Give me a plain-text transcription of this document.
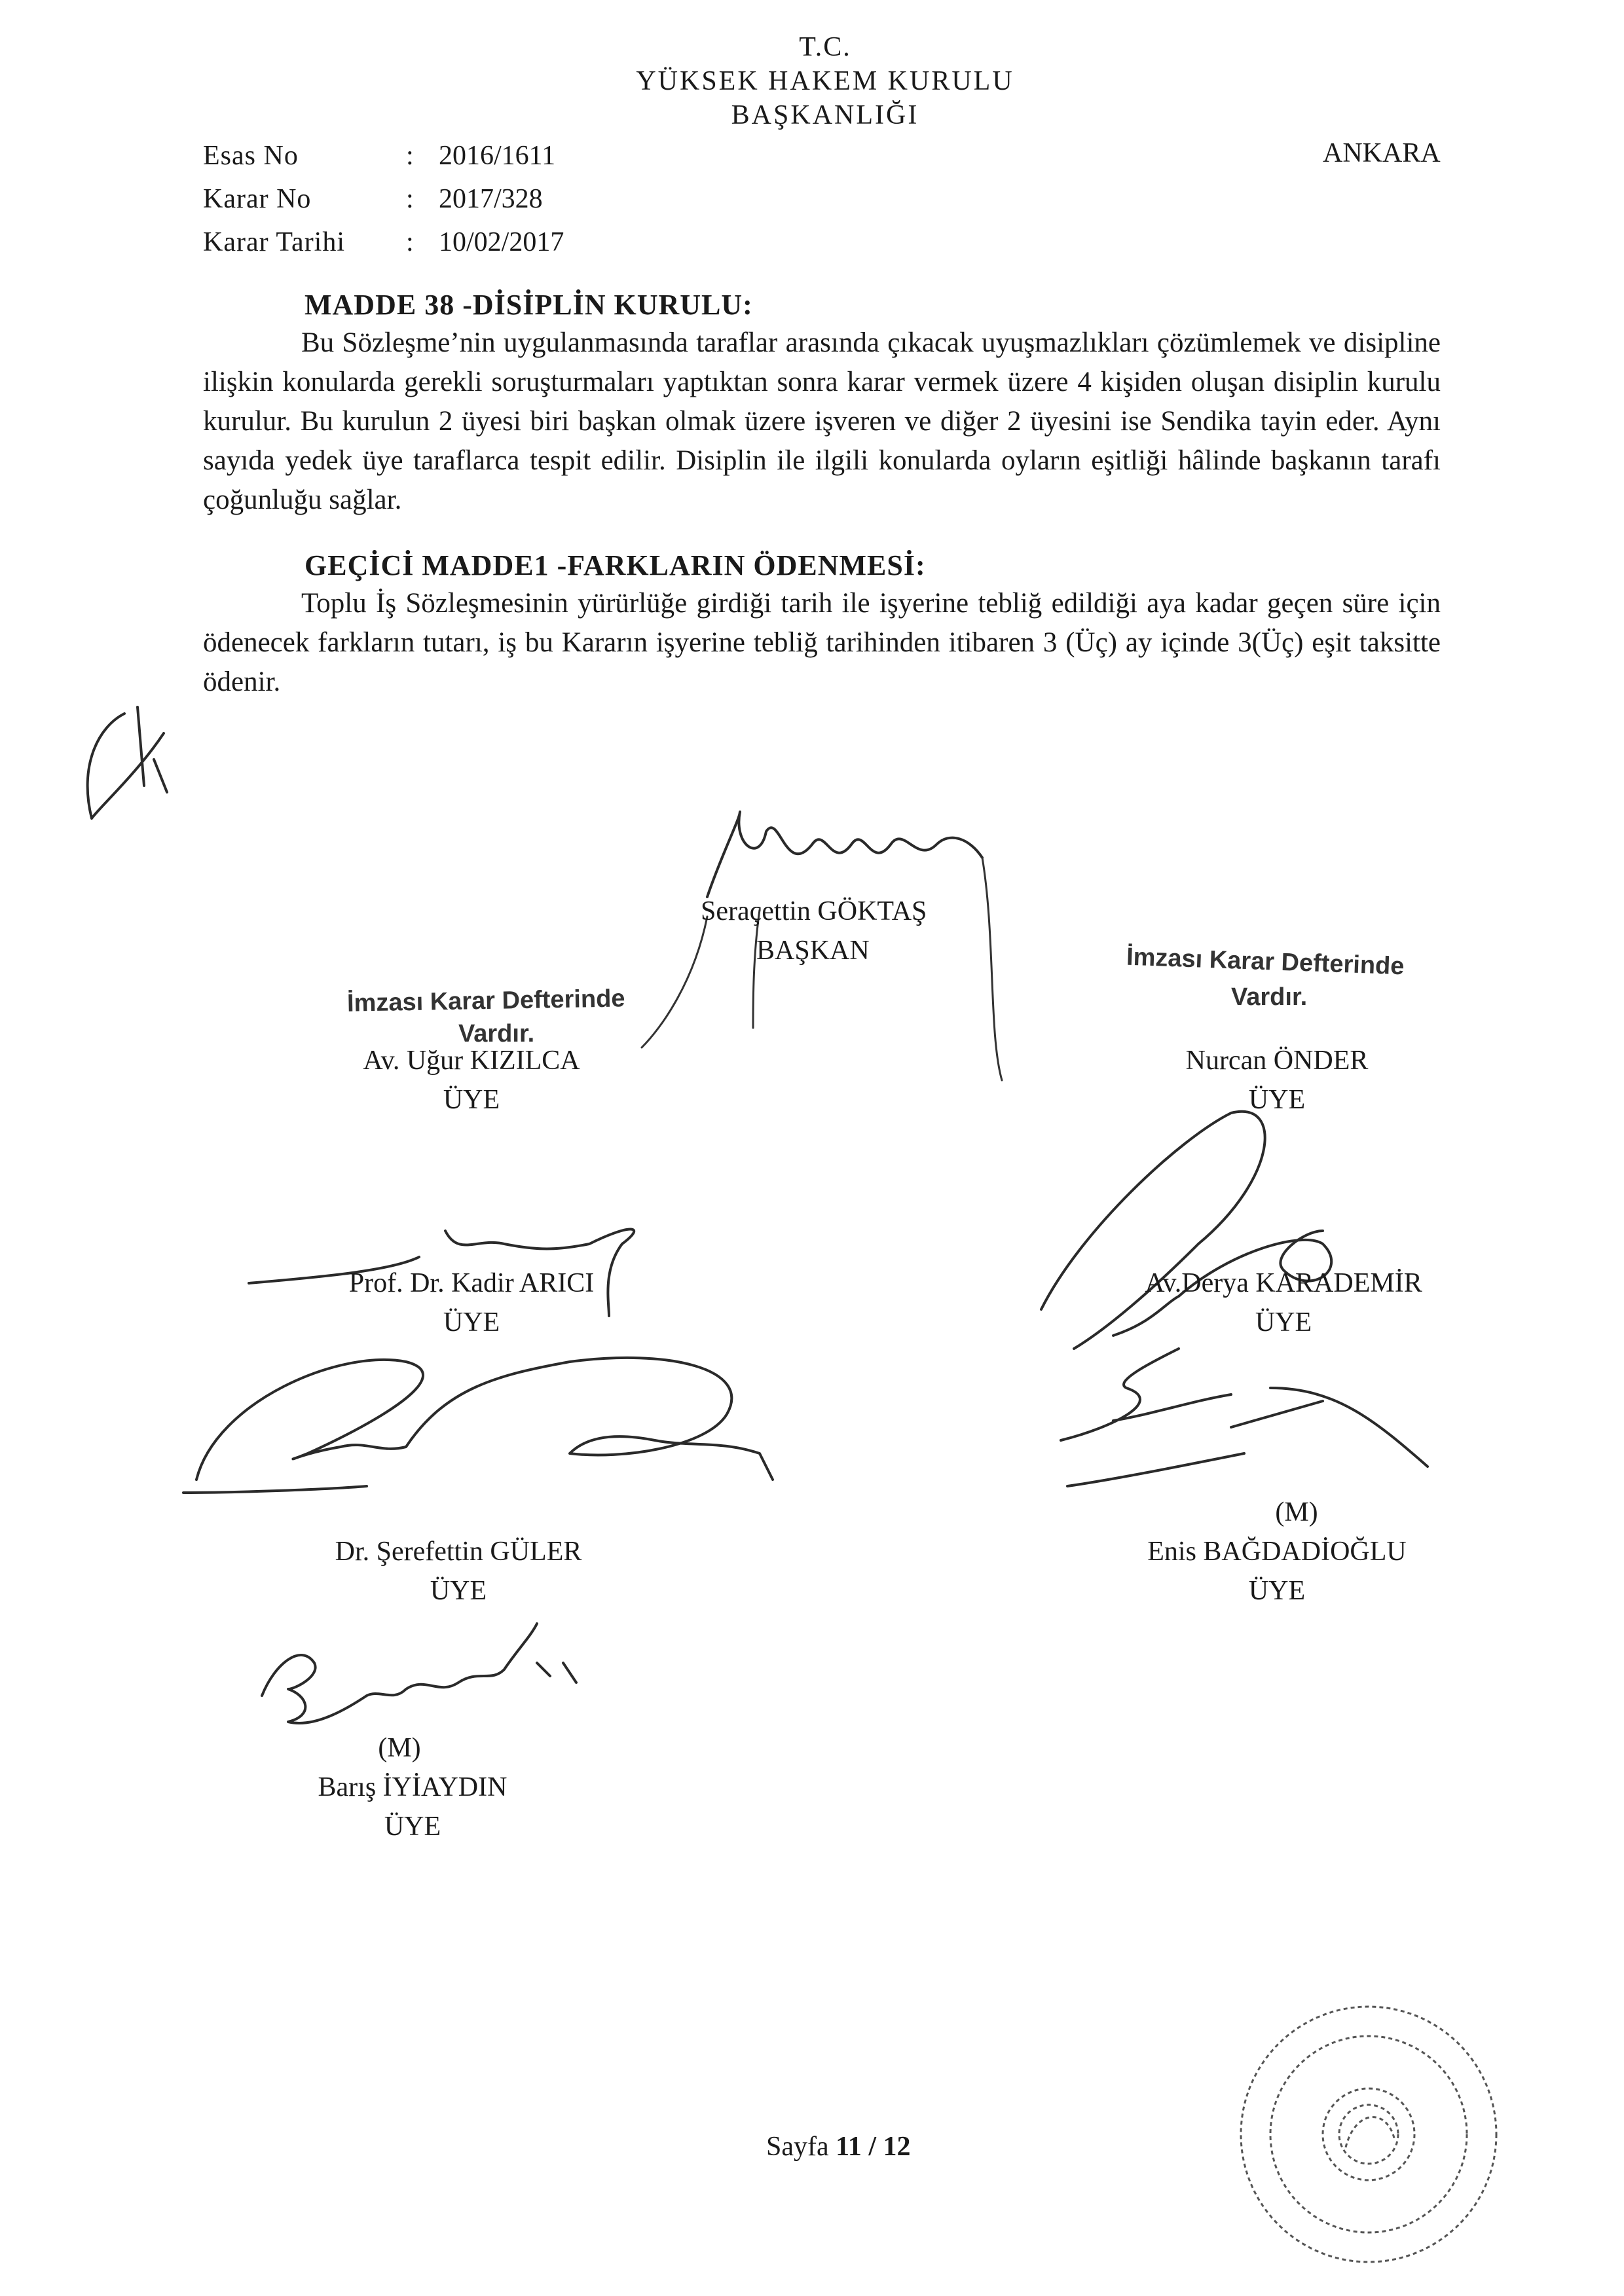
T.C.
YÜKSEK HAKEM KURULU
BAŞKANLIĞI
ANKARA
Esas No	: 2016/1611
Karar No	: 2017/328
Karar Tarihi : 10/02/2017
MADDE 38 -DİSİPLİN KURULU:
Bu Sözleşme’nin uygulanmasında taraflar arasında çıkacak uyuşmazlıkları çözümlemek ve disipline ilişkin konularda gerekli soruşturmaları yaptıktan sonra karar vermek üzere 4 kişiden oluşan disiplin kurulu kurulur. Bu kurulun 2 üyesi biri başkan olmak üzere işveren ve diğer 2 üyesini ise Sendika tayin eder. Aynı sayıda yedek üye taraflarca tespit edilir. Disiplin ile ilgili konularda oyların eşitliği hâlinde başkanın tarafı çoğunluğu sağlar.
GEÇİCİ MADDE1 -FARKLARIN ÖDENMESİ:
Toplu İş Sözleşmesinin yürürlüğe girdiği tarih ile işyerine tebliğ edildiği aya kadar geçen süre için ödenecek farkların tutarı, iş bu Kararın işyerine tebliğ tarihinden itibaren 3 (Üç) ay içinde 3(Üç) eşit taksitte ödenir.
İmzası Karar Defterinde
Vardır.
İmzası Karar Defterinde
Vardır.
Seraçettin GÖKTAŞ
BAŞKAN
Av. Uğur KIZILCA
ÜYE
Nurcan ÖNDER
ÜYE
Prof. Dr. Kadir ARICI
ÜYE
Av.Derya KARADEMİR
ÜYE
Dr. Şerefettin GÜLER
ÜYE
(M)
Enis BAĞDADİOĞLU
ÜYE
(M)
Barış İYİAYDIN
ÜYE
Sayfa 11 / 12
